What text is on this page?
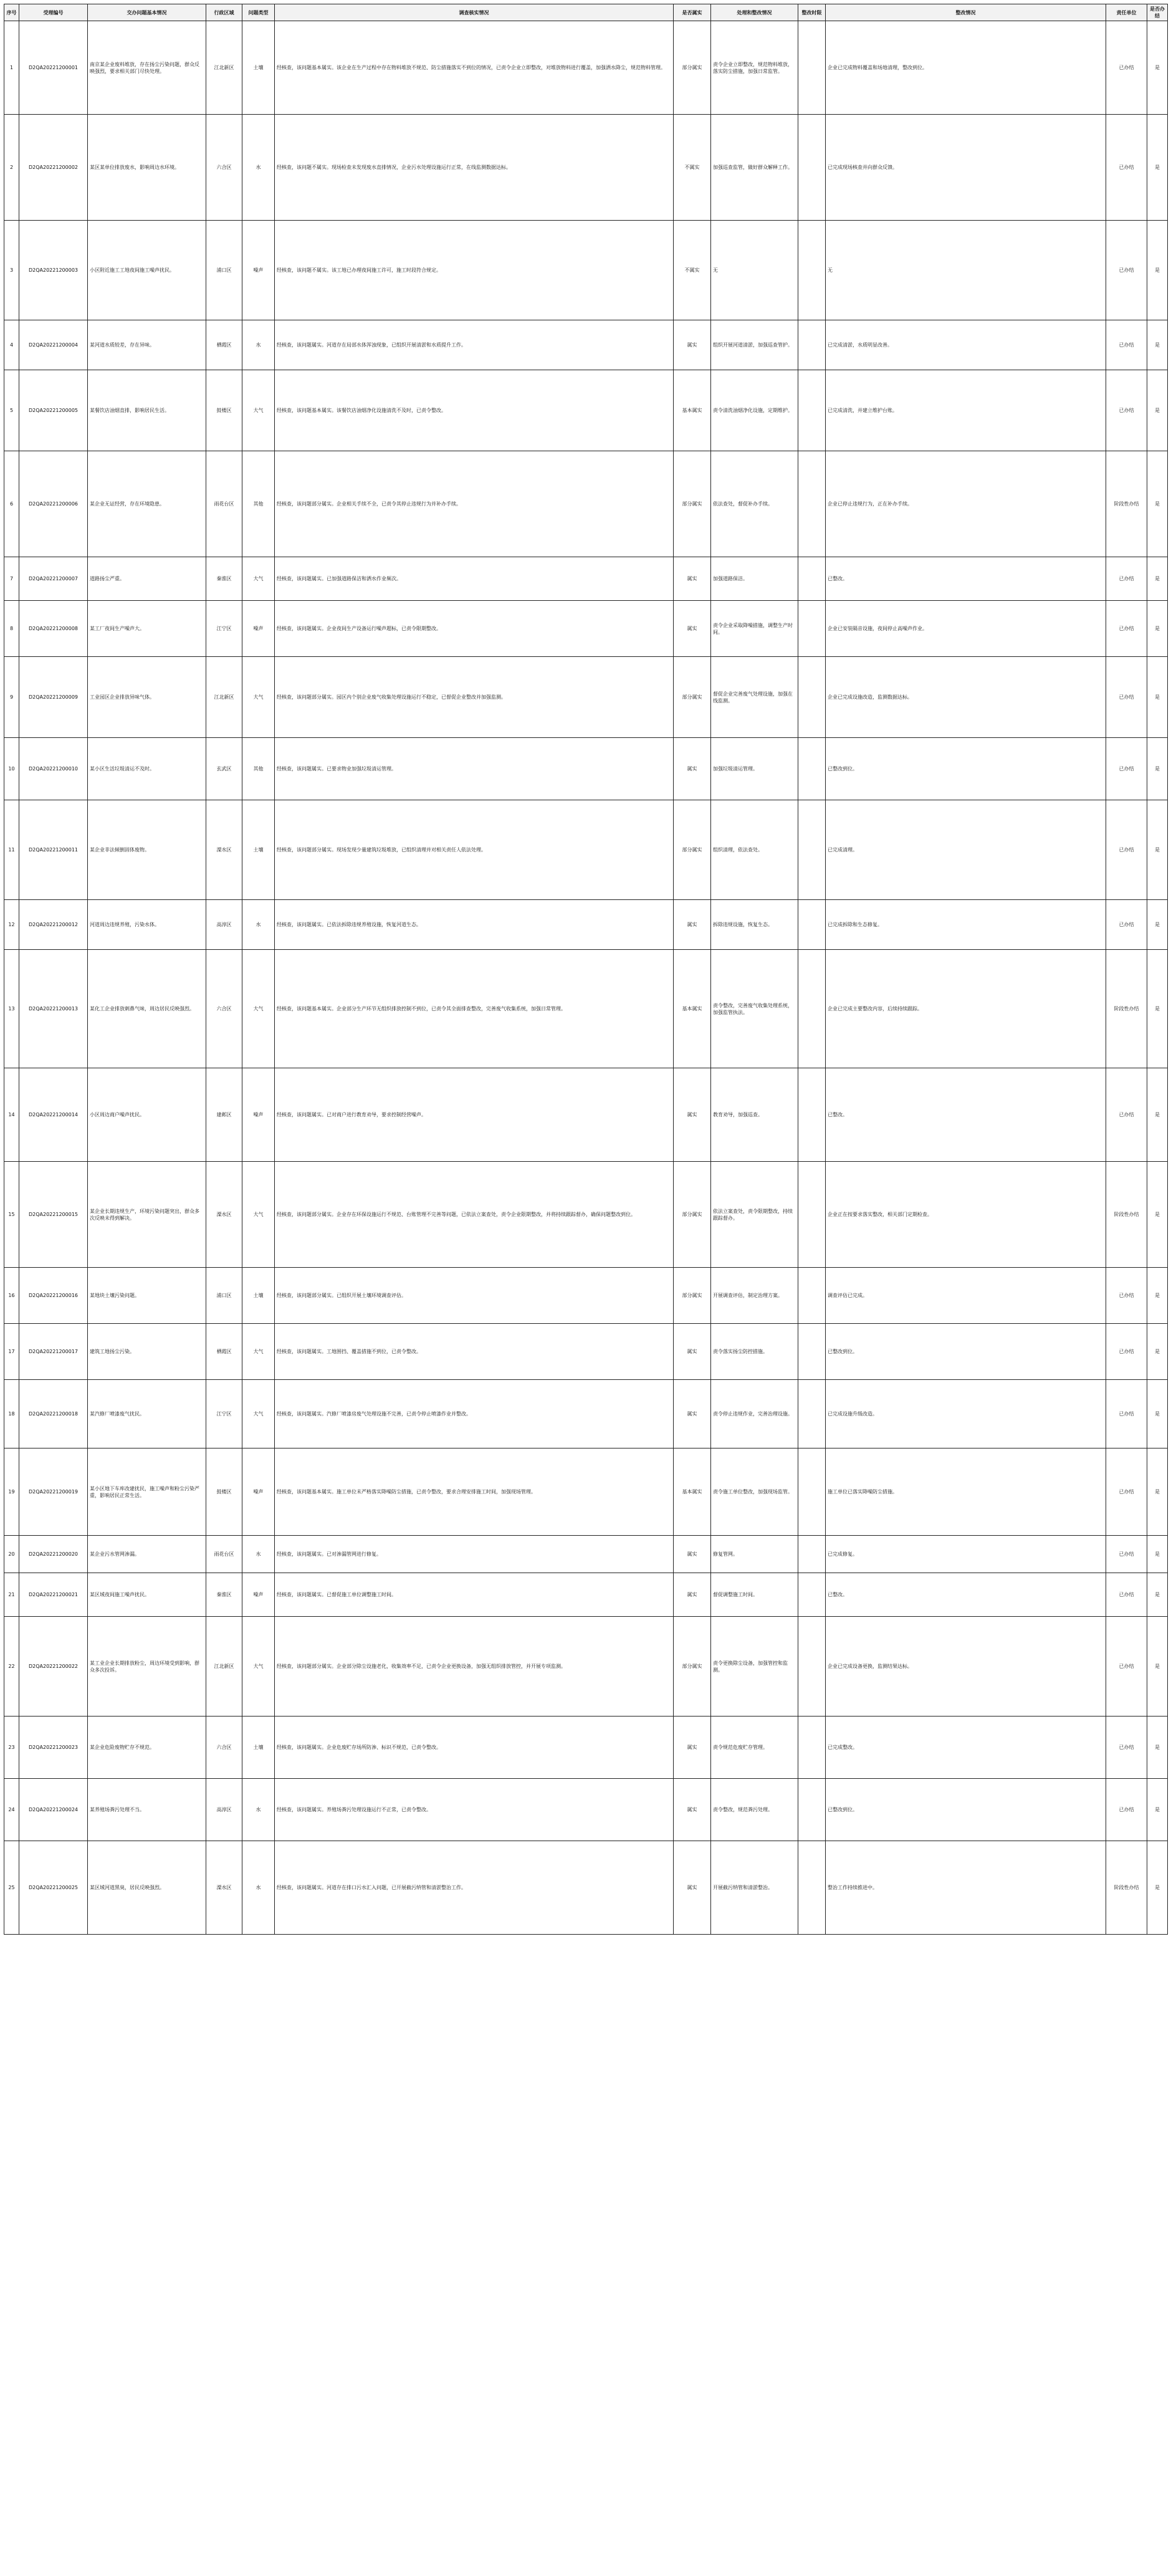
序号	受理编号	交办问题基本情况	行政区域	问题类型	调查核实情况	是否属实	处理和整改情况	整改时限	整改情况	责任单位	是否办结
1	D2QA20221200001	南京某企业废料堆放，存在扬尘污染问题，群众反映强烈，要求相关部门尽快处理。	江北新区	土壤	经核查，该问题基本属实。该企业在生产过程中存在物料堆放不规范、防尘措施落实不到位的情况，已责令企业立即整改，对堆放物料进行覆盖，加强洒水降尘，规范物料管理。	部分属实	责令企业立即整改，规范物料堆放，落实防尘措施，加强日常监管。		企业已完成物料覆盖和场地清理，整改到位。	已办结	是
2	D2QA20221200002	某区某单位排放废水，影响周边水环境。	六合区	水	经核查，该问题不属实。现场检查未发现废水直排情况，企业污水处理设施运行正常，在线监测数据达标。	不属实	加强巡查监管，做好群众解释工作。		已完成现场核查并向群众反馈。	已办结	是
3	D2QA20221200003	小区附近施工工地夜间施工噪声扰民。	浦口区	噪声	经核查，该问题不属实。该工地已办理夜间施工许可，施工时段符合规定。	不属实	无		无	已办结	是
4	D2QA20221200004	某河道水质较差，存在异味。	栖霞区	水	经核查，该问题属实。河道存在局部水体浑浊现象，已组织开展清淤和水质提升工作。	属实	组织开展河道清淤，加强巡查管护。		已完成清淤，水质明显改善。	已办结	是
5	D2QA20221200005	某餐饮店油烟直排，影响居民生活。	鼓楼区	大气	经核查，该问题基本属实。该餐饮店油烟净化设施清洗不及时，已责令整改。	基本属实	责令清洗油烟净化设施，定期维护。		已完成清洗，并建立维护台账。	已办结	是
6	D2QA20221200006	某企业无证经营，存在环境隐患。	雨花台区	其他	经核查，该问题部分属实。企业相关手续不全，已责令其停止违规行为并补办手续。	部分属实	依法查处，督促补办手续。		企业已停止违规行为，正在补办手续。	阶段性办结	是
7	D2QA20221200007	道路扬尘严重。	秦淮区	大气	经核查，该问题属实。已加强道路保洁和洒水作业频次。	属实	加强道路保洁。		已整改。	已办结	是
8	D2QA20221200008	某工厂夜间生产噪声大。	江宁区	噪声	经核查，该问题属实。企业夜间生产设备运行噪声超标，已责令限期整改。	属实	责令企业采取降噪措施，调整生产时间。		企业已安装隔音设施，夜间停止高噪声作业。	已办结	是
9	D2QA20221200009	工业园区企业排放异味气体。	江北新区	大气	经核查，该问题部分属实。园区内个别企业废气收集处理设施运行不稳定，已督促企业整改并加强监测。	部分属实	督促企业完善废气处理设施，加强在线监测。		企业已完成设施改造，监测数据达标。	已办结	是
10	D2QA20221200010	某小区生活垃圾清运不及时。	玄武区	其他	经核查，该问题属实。已要求物业加强垃圾清运管理。	属实	加强垃圾清运管理。		已整改到位。	已办结	是
11	D2QA20221200011	某企业非法倾倒固体废物。	溧水区	土壤	经核查，该问题部分属实。现场发现少量建筑垃圾堆放，已组织清理并对相关责任人依法处理。	部分属实	组织清理，依法查处。		已完成清理。	已办结	是
12	D2QA20221200012	河道周边违规养殖，污染水体。	高淳区	水	经核查，该问题属实。已依法拆除违规养殖设施，恢复河道生态。	属实	拆除违规设施，恢复生态。		已完成拆除和生态修复。	已办结	是
13	D2QA20221200013	某化工企业排放刺鼻气味，周边居民反映强烈。	六合区	大气	经核查，该问题基本属实。企业部分生产环节无组织排放控制不到位，已责令其全面排查整改，完善废气收集系统，加强日常管理。	基本属实	责令整改，完善废气收集处理系统，加强监管执法。		企业已完成主要整改内容，后续持续跟踪。	阶段性办结	是
14	D2QA20221200014	小区周边商户噪声扰民。	建邺区	噪声	经核查，该问题属实。已对商户进行教育劝导，要求控制经营噪声。	属实	教育劝导，加强巡查。		已整改。	已办结	是
15	D2QA20221200015	某企业长期违规生产，环境污染问题突出，群众多次反映未得到解决。	溧水区	大气	经核查，该问题部分属实。企业存在环保设施运行不规范、台账管理不完善等问题，已依法立案查处，责令企业限期整改，并将持续跟踪督办，确保问题整改到位。	部分属实	依法立案查处，责令限期整改，持续跟踪督办。		企业正在按要求落实整改，相关部门定期检查。	阶段性办结	是
16	D2QA20221200016	某地块土壤污染问题。	浦口区	土壤	经核查，该问题部分属实。已组织开展土壤环境调查评估。	部分属实	开展调查评估，制定治理方案。		调查评估已完成。	已办结	是
17	D2QA20221200017	建筑工地扬尘污染。	栖霞区	大气	经核查，该问题属实。工地围挡、覆盖措施不到位，已责令整改。	属实	责令落实扬尘防控措施。		已整改到位。	已办结	是
18	D2QA20221200018	某汽修厂喷漆废气扰民。	江宁区	大气	经核查，该问题属实。汽修厂喷漆房废气处理设施不完善，已责令停止喷漆作业并整改。	属实	责令停止违规作业，完善治理设施。		已完成设施升级改造。	已办结	是
19	D2QA20221200019	某小区地下车库改建扰民，施工噪声和粉尘污染严重，影响居民正常生活。	鼓楼区	噪声	经核查，该问题基本属实。施工单位未严格落实降噪防尘措施，已责令整改，要求合理安排施工时间，加强现场管理。	基本属实	责令施工单位整改，加强现场监管。		施工单位已落实降噪防尘措施。	已办结	是
20	D2QA20221200020	某企业污水管网渗漏。	雨花台区	水	经核查，该问题属实。已对渗漏管网进行修复。	属实	修复管网。		已完成修复。	已办结	是
21	D2QA20221200021	某区域夜间施工噪声扰民。	秦淮区	噪声	经核查，该问题属实。已督促施工单位调整施工时间。	属实	督促调整施工时间。		已整改。	已办结	是
22	D2QA20221200022	某工业企业长期排放粉尘，周边环境受到影响，群众多次投诉。	江北新区	大气	经核查，该问题部分属实。企业部分除尘设施老化，收集效率不足，已责令企业更换设备，加强无组织排放管控，并开展专项监测。	部分属实	责令更换除尘设备，加强管控和监测。		企业已完成设备更换，监测结果达标。	已办结	是
23	D2QA20221200023	某企业危险废物贮存不规范。	六合区	土壤	经核查，该问题属实。企业危废贮存场所防渗、标识不规范，已责令整改。	属实	责令规范危废贮存管理。		已完成整改。	已办结	是
24	D2QA20221200024	某养殖场粪污处理不当。	高淳区	水	经核查，该问题属实。养殖场粪污处理设施运行不正常，已责令整改。	属实	责令整改，规范粪污处理。		已整改到位。	已办结	是
25	D2QA20221200025	某区域河道黑臭，居民反映强烈。	溧水区	水	经核查，该问题属实。河道存在排口污水汇入问题，已开展截污纳管和清淤整治工作。	属实	开展截污纳管和清淤整治。		整治工作持续推进中。	阶段性办结	是
